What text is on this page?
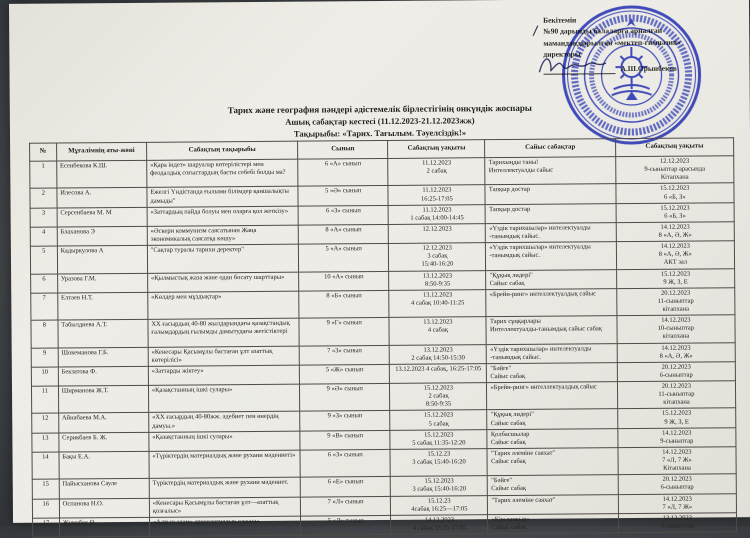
/
Бекітемін
№90 дарынды балаларға арналған
мамандандырылған «мектеп-гимназия»
директоры
А.Ш.Орынбеков
Тарих және география пәндері әдістемелік бірлестігінің онкүндік жоспары
Ашық сабақтар кестесі (11.12.2023-21.12.2023жж)
Тақырыбы: «Тарих. Тағылым. Тәуелсіздік!»
№	Мұғалімнің аты-жөні	Сабақтың тақырыбы	Сынып	Сабақтың уақыты	Сайыс сабақтар	Сабақтың уақыты
1	Есенбекова К.Ш.	«Қара індет» шаруалар көтерілістері мен феодалдық соғыстардың басты себебі болды ма?	6 «А» сынып	11.12.2023
2 сабақ	Тарихыңды таны!
Интеллектуалды сайыс	12.12.2023
9-сыныптар арасында
Кітапхана
2	Илесова А.	Ежелгі Үндістанда ғылыми білімдер қаншалықты дамыды"	5 «Ә» сынып	11.12.2023
16:25-17:05	Тапқыр достар	15.12.2023
6 «Б, З»
3	Серсенбаева М. М	«Заттардың пайда болуы мен оларға қол жеткізу»	6 «З» сынып	11.12.2023
1 сабақ 14:00-14:45	Тапқыр достар	15.12.2023
6 «Б, З»
4	Блаханова Э	«Әскери коммунизм саясатынан Жаңа экономикалық саясатқа көшу»	8 «А» сынып	12.12.2023	«Үздік тарихшылар» интелектуалды -танымдық сайыс.	14.12.2023
8 «А, Ә, Ж»
5	Кадыркулова А	"Сақтар туралы тарихи деректер"	5 «А» сынып	12.12.2023
3 сабақ
15:40-16:20	«Үздік тарихшылар» интелектуалды -танымдық сайыс.	14.12.2023
8 «А, Ә, Ж»
АКТ зал
6	Уразова Г.М.	«Қылмыстық жаза және одан босату шарттары»	10 «А» сынып	13.12.2023
8:50-9:35	"Құқық лидері"
Сайыс сабақ	15.12.2023
9 Ж, З, Е
7	Елтаев Н.Т.	«Көлдер мен мұздықтар»	8 «Б» сынып	13.12.2023
4 сабақ 10:40-11:25	«Брейн-ринг» интеллектуалдық сайыс	20.12.2023
11-сыныптар
кітапхана
8	Табылдиева А.Т.	XX ғасырдың 40-80 жылдарындағы қазақстандық ғалымдардың ғылымды дамытудағы жетістіктері	9 «Г» сынып	13.12.2023
4 сабақ	Тарих сұңқарлары
Интеллектуалды-танымдық сайыс сабақ	14.12.2023
10-сыныптар
кітапхана
9	Шокеманова Г.Б.	«Кенесары Қасымұлы бастаған ұлт азаттық көтерілісі»	7 «З» сынып	13.12.2023
2 сабақ 14:50-15:30	«Үздік тарихшылар» интелектуалды -танымдық сайыс.	14.12.2023
8 «А, Ә, Ж»
10	Бекзатова Ф.	«Заттарды жіктеу»	5 «Ж» сынып	13.12.2023 4 сабақ, 16:25-17:05	"Бәйге"
Сайыс сабақ	20.12.2023
6-сыныптар
11	Ширманова Ж.Т.	«Қазақстанның ішкі сулары»	9 «Ә» сынып	15.12.2023
2 сабақ
8:50-9:35	«Брейн-ринг» интеллектуалдық сайыс	20.12.2023
11-сыныптар
кітапхана
12	Айнабаева М.А.	«XX ғасырдың 40-80жж. әдебиет пен өнердің дамуы.»	9 «З» сынып	15.12.2023
5 сабақ	"Құқық лидері"
Сайыс сабақ	15.12.2023
9 Ж, З, Е
13	Серикбаев Б. Ж.	«Қазақстанның ішкі сулары»	9 «В» сынып	15.12.2023
5 сабақ 11:35-12:20	Қолбасшылар
Сайыс сабақ	14.12.2023
9-сыныптар
14	Бақы Е.А.	«Түріктердің материалдық және рухани мәдениеті»	6 «З» сынып	15.12.23
3 сабақ 15:40-16:20	"Тарих әлеміне саяхат"
Сайыс сабақ	14.12.2023
7 «Л, 7 Ж»
Кітапхана
15	Пайысханова Сауле	Түріктердің материалдық және рухани мәдениет.	6 «Е» сынып	15.12.2023
3 сабақ 15:40-16:20	"Бәйге"
Сайыс сабақ	20.12.2023
6-сыныптар
16	Оспанова Н.О.	«Кенесары Қасымұлы бастаған ұлт—азаттық қозғалыс»	7 «Л» сынып	15.12.23
4сабақ 16:25—17:05	"Тарих әлеміне саяхат"	14.12.2023
7 «Л, 7 Ж»
17	Жұмабек Ө.	«Алтын адам» археологиялық олжасы	5 «Л» сынып	14.12.2023
4 сабақ 16:25-17:05	«Кім тапқыр»
Сайыс сабақ	13.12.2023
6-сыныптар
